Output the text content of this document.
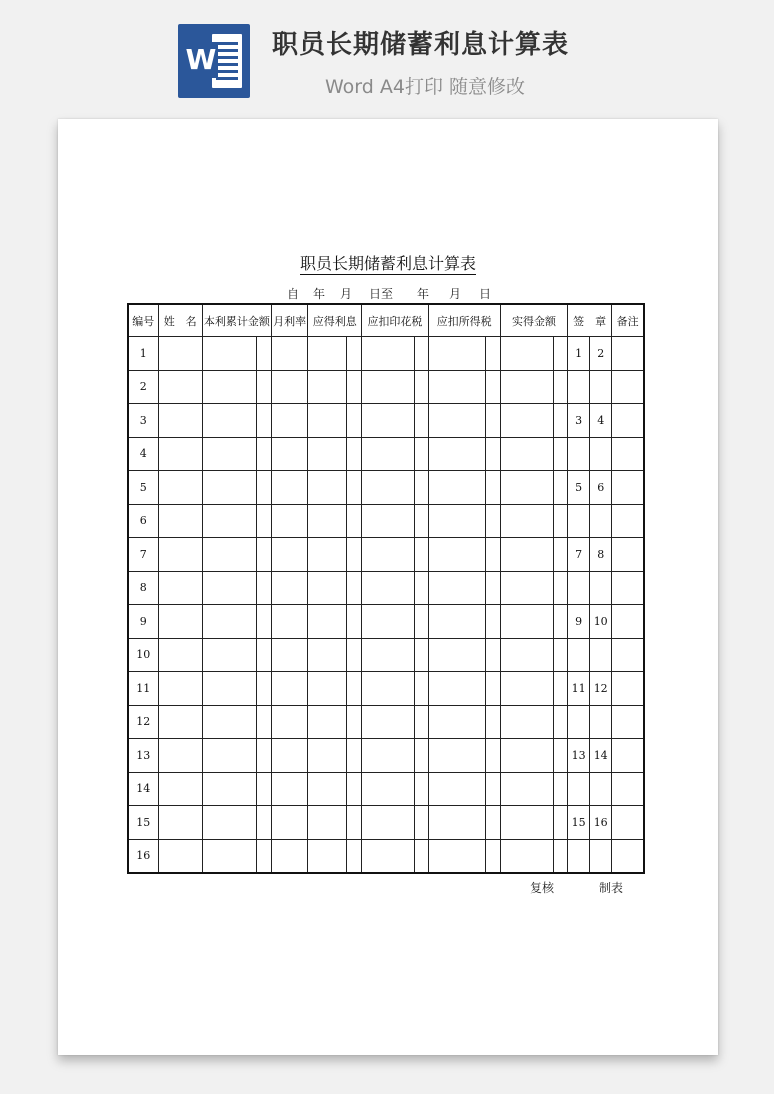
W 职员长期储蓄利息计算表
Word A4打印 随意修改
职员长期储蓄利息计算表
自 年 月 日至 年 月 日
编号	姓　名	本利累计金额		月利率	应得利息		应扣印花税		应扣所得税		实得金额		签　章		备注
1													1	2	
2															
3													3	4	
4															
5													5	6	
6															
7													7	8	
8															
9													9	10	
10															
11													11	12	
12															
13													13	14	
14															
15													15	16	
16															
复核	制表
